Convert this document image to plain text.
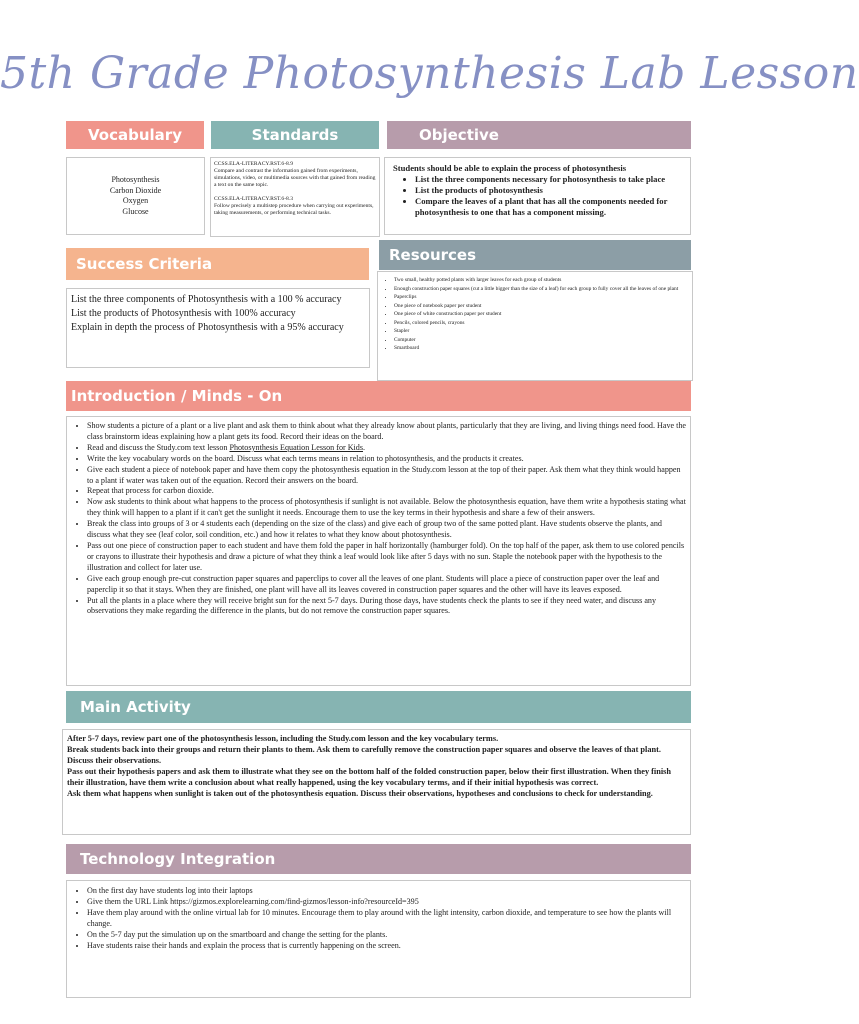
5th Grade Photosynthesis Lab Lesson
Vocabulary
Photosynthesis
Carbon Dioxide
Oxygen
Glucose
Standards

CCSS.ELA-LITERACY.RST.6-8.9
Compare and contrast the information gained from experiments, simulations, video, or multimedia sources with that gained from reading a text on the same topic.

CCSS.ELA-LITERACY.RST.6-8.3
Follow precisely a multistep procedure when carrying out experiments, taking measurements, or performing technical tasks.

Objective
Students should be able to explain the process of photosynthesis
• List the three components necessary for photosynthesis to take place
• List the products of photosynthesis
• Compare the leaves of a plant that has all the components needed for photosynthesis to one that has a component missing.
Success Criteria
List the three components of Photosynthesis with a 100 % accuracy
List the products of Photosynthesis with 100% accuracy
Explain in depth the process of Photosynthesis with a 95% accuracy
Resources
• Two small, healthy potted plants with larger leaves for each group of students
• Enough construction paper squares (cut a little bigger than the size of a leaf) for each group to fully cover all the leaves of one plant
• Paperclips
• One piece of notebook paper per student
• One piece of white construction paper per student
• Pencils, colored pencils, crayons
• Stapler
• Computer
• Smartboard
Introduction / Minds - On
• Show students a picture of a plant or a live plant and ask them to think about what they already know about plants, particularly that they are living, and living things need food. Have the class brainstorm ideas explaining how a plant gets its food. Record their ideas on the board.
• Read and discuss the Study.com text lesson Photosynthesis Equation Lesson for Kids.
• Write the key vocabulary words on the board. Discuss what each terms means in relation to photosynthesis, and the products it creates.
• Give each student a piece of notebook paper and have them copy the photosynthesis equation in the Study.com lesson at the top of their paper. Ask them what they think would happen to a plant if water was taken out of the equation. Record their answers on the board.
• Repeat that process for carbon dioxide.
• Now ask students to think about what happens to the process of photosynthesis if sunlight is not available. Below the photosynthesis equation, have them write a hypothesis stating what they think will happen to a plant if it can't get the sunlight it needs. Encourage them to use the key terms in their hypothesis and share a few of their answers.
• Break the class into groups of 3 or 4 students each (depending on the size of the class) and give each of group two of the same potted plant. Have students observe the plants, and discuss what they see (leaf color, soil condition, etc.) and how it relates to what they know about photosynthesis.
• Pass out one piece of construction paper to each student and have them fold the paper in half horizontally (hamburger fold). On the top half of the paper, ask them to use colored pencils or crayons to illustrate their hypothesis and draw a picture of what they think a leaf would look like after 5 days with no sun. Staple the notebook paper with the hypothesis to the illustration and collect for later use.
• Give each group enough pre-cut construction paper squares and paperclips to cover all the leaves of one plant. Students will place a piece of construction paper over the leaf and paperclip it so that it stays. When they are finished, one plant will have all its leaves covered in construction paper squares and the other will have its leaves exposed.
• Put all the plants in a place where they will receive bright sun for the next 5-7 days. During those days, have students check the plants to see if they need water, and discuss any observations they make regarding the difference in the plants, but do not remove the construction paper squares.
Main Activity
After 5-7 days, review part one of the photosynthesis lesson, including the Study.com lesson and the key vocabulary terms.
Break students back into their groups and return their plants to them. Ask them to carefully remove the construction paper squares and observe the leaves of that plant. Discuss their observations.
Pass out their hypothesis papers and ask them to illustrate what they see on the bottom half of the folded construction paper, below their first illustration. When they finish their illustration, have them write a conclusion about what really happened, using the key vocabulary terms, and if their initial hypothesis was correct.
Ask them what happens when sunlight is taken out of the photosynthesis equation. Discuss their observations, hypotheses and conclusions to check for understanding.
Technology Integration
• On the first day have students log into their laptops
• Give them the URL Link https://gizmos.explorelearning.com/find-gizmos/lesson-info?resourceId=395
• Have them play around with the online virtual lab for 10 minutes. Encourage them to play around with the light intensity, carbon dioxide, and temperature to see how the plants will change.
• On the 5-7 day put the simulation up on the smartboard and change the setting for the plants.
• Have students raise their hands and explain the process that is currently happening on the screen.
